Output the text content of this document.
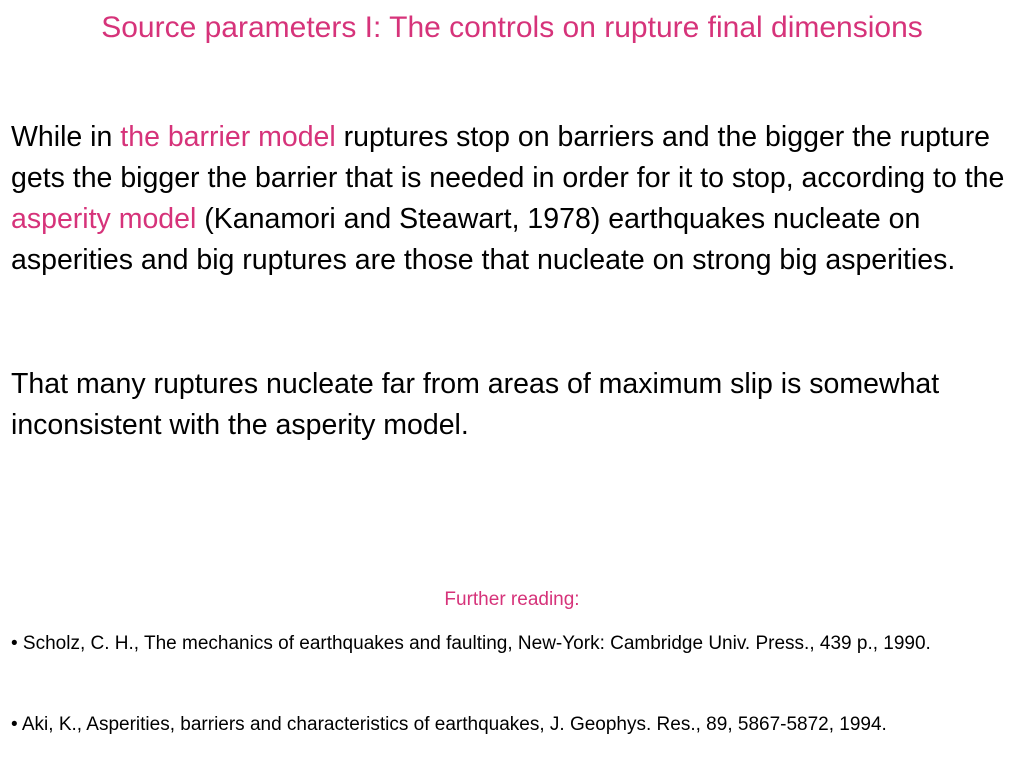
Source parameters I: The controls on rupture final dimensions

While in the barrier model ruptures stop on barriers and the bigger the rupture gets the bigger the barrier that is needed in order for it to stop, according to the asperity model (Kanamori and Steawart, 1978) earthquakes nucleate on asperities and big ruptures are those that nucleate on strong big asperities.

That many ruptures nucleate far from areas of maximum slip is somewhat inconsistent with the asperity model.

Further reading:

• Scholz, C. H., The mechanics of earthquakes and faulting, New-York: Cambridge Univ. Press., 439 p., 1990.

• Aki, K., Asperities, barriers and characteristics of earthquakes, J. Geophys. Res., 89, 5867-5872, 1994.
